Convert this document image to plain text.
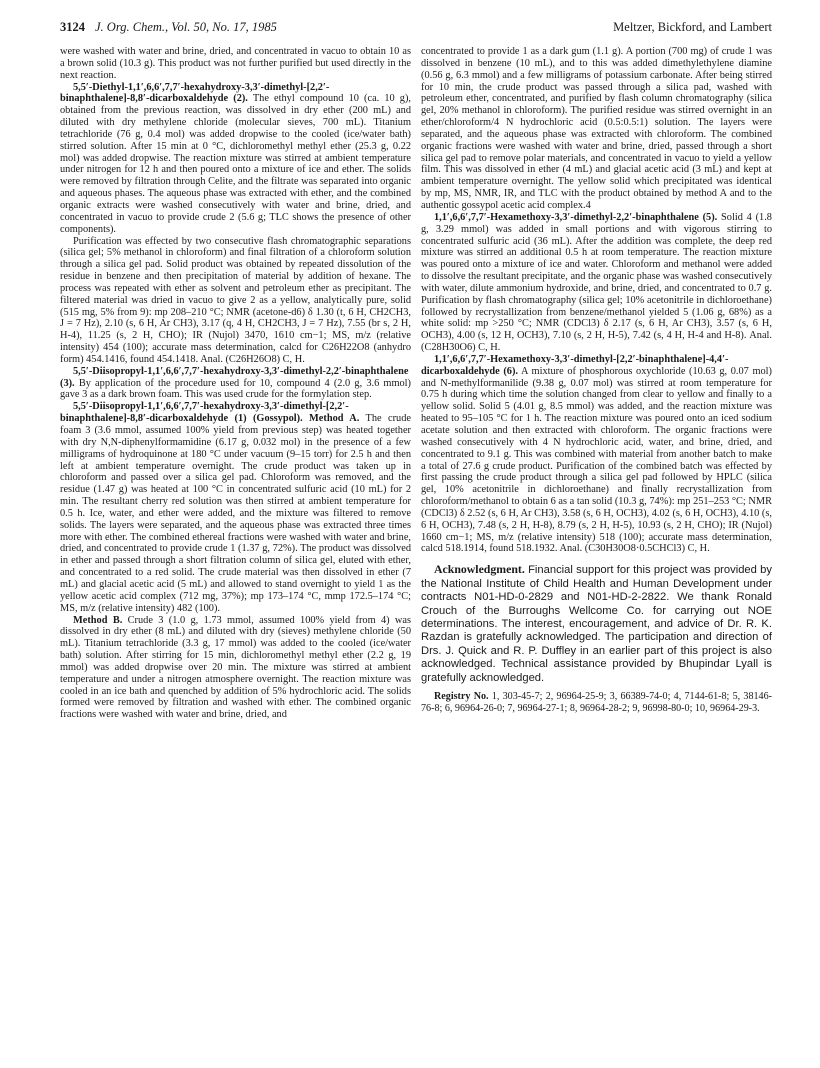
3124 J. Org. Chem., Vol. 50, No. 17, 1985	Meltzer, Bickford, and Lambert

were washed with water and brine, dried, and concentrated in vacuo to obtain 10 as a brown solid (10.3 g). This product was not further purified but used directly in the next reaction.

5,5′-Diethyl-1,1′,6,6′,7,7′-hexahydroxy-3,3′-dimethyl-[2,2′-binaphthalene]-8,8′-dicarboxaldehyde (2). The ethyl compound 10 (ca. 10 g), obtained from the previous reaction, was dissolved in dry ether (200 mL) and diluted with dry methylene chloride (molecular sieves, 700 mL). Titanium tetrachloride (76 g, 0.4 mol) was added dropwise to the cooled (ice/water bath) stirred solution. After 15 min at 0 °C, dichloromethyl methyl ether (25.3 g, 0.22 mol) was added dropwise. The reaction mixture was stirred at ambient temperature under nitrogen for 12 h and then poured onto a mixture of ice and ether. The solids were removed by filtration through Celite, and the filtrate was separated into organic and aqueous phases. The aqueous phase was extracted with ether, and the combined organic extracts were washed consecutively with water and brine, dried, and concentrated in vacuo to provide crude 2 (5.6 g; TLC shows the presence of other components).

Purification was effected by two consecutive flash chromatographic separations (silica gel; 5% methanol in chloroform) and final filtration of a chloroform solution through a silica gel pad. Solid product was obtained by repeated dissolution of the residue in benzene and then precipitation of material by addition of hexane. The process was repeated with ether as solvent and petroleum ether as precipitant. The filtered material was dried in vacuo to give 2 as a yellow, analytically pure, solid (515 mg, 5% from 9): mp 208–210 °C; NMR (acetone-d6) δ 1.30 (t, 6 H, CH2CH3, J = 7 Hz), 2.10 (s, 6 H, Ar CH3), 3.17 (q, 4 H, CH2CH3, J = 7 Hz), 7.55 (br s, 2 H, H-4), 11.25 (s, 2 H, CHO); IR (Nujol) 3470, 1610 cm−1; MS, m/z (relative intensity) 454 (100); accurate mass determination, calcd for C26H22O8 (anhydro form) 454.1416, found 454.1418. Anal. (C26H26O8) C, H.

5,5′-Diisopropyl-1,1′,6,6′,7,7′-hexahydroxy-3,3′-dimethyl-2,2′-binaphthalene (3). By application of the procedure used for 10, compound 4 (2.0 g, 3.6 mmol) gave 3 as a dark brown foam. This was used crude for the formylation step.

5,5′-Diisopropyl-1,1′,6,6′,7,7′-hexahydroxy-3,3′-dimethyl-[2,2′-binaphthalene]-8,8′-dicarboxaldehyde (1) (Gossypol). Method A. The crude foam 3 (3.6 mmol, assumed 100% yield from previous step) was heated together with dry N,N-diphenylformamidine (6.17 g, 0.032 mol) in the presence of a few milligrams of hydroquinone at 180 °C under vacuum (9–15 torr) for 2.5 h and then left at ambient temperature overnight. The crude product was taken up in chloroform and passed over a silica gel pad. Chloroform was removed, and the residue (1.47 g) was heated at 100 °C in concentrated sulfuric acid (10 mL) for 2 min. The resultant cherry red solution was then stirred at ambient temperature for 0.5 h. Ice, water, and ether were added, and the mixture was filtered to remove solids. The layers were separated, and the aqueous phase was extracted three times more with ether. The combined ethereal fractions were washed with water and brine, dried, and concentrated to provide crude 1 (1.37 g, 72%). The product was dissolved in ether and passed through a short filtration column of silica gel, eluted with ether, and concentrated to a red solid. The crude material was then dissolved in ether (7 mL) and glacial acetic acid (5 mL) and allowed to stand overnight to yield 1 as the yellow acetic acid complex (712 mg, 37%); mp 173–174 °C, mmp 172.5–174 °C; MS, m/z (relative intensity) 482 (100).

Method B. Crude 3 (1.0 g, 1.73 mmol, assumed 100% yield from 4) was dissolved in dry ether (8 mL) and diluted with dry (sieves) methylene chloride (50 mL). Titanium tetrachloride (3.3 g, 17 mmol) was added to the cooled (ice/water bath) solution. After stirring for 15 min, dichloromethyl methyl ether (2.2 g, 19 mmol) was added dropwise over 20 min. The mixture was stirred at ambient temperature and under a nitrogen atmosphere overnight. The reaction mixture was cooled in an ice bath and quenched by addition of 5% hydrochloric acid. The solids formed were removed by filtration and washed with ether. The combined organic fractions were washed with water and brine, dried, and

concentrated to provide 1 as a dark gum (1.1 g). A portion (700 mg) of crude 1 was dissolved in benzene (10 mL), and to this was added dimethylethylene diamine (0.56 g, 6.3 mmol) and a few milligrams of potassium carbonate. After being stirred for 10 min, the crude product was passed through a silica pad, washed with petroleum ether, concentrated, and purified by flash column chromatography (silica gel, 20% methanol in chloroform). The purified residue was stirred overnight in an ether/chloroform/4 N hydrochloric acid (0.5:0.5:1) solution. The layers were separated, and the aqueous phase was extracted with chloroform. The combined organic fractions were washed with water and brine, dried, passed through a short silica gel pad to remove polar materials, and concentrated in vacuo to yield a yellow film. This was dissolved in ether (4 mL) and glacial acetic acid (3 mL) and kept at ambient temperature overnight. The yellow solid which precipitated was identical by mp, MS, NMR, IR, and TLC with the product obtained by method A and to the authentic gossypol acetic acid complex.4

1,1′,6,6′,7,7′-Hexamethoxy-3,3′-dimethyl-2,2′-binaphthalene (5). Solid 4 (1.8 g, 3.29 mmol) was added in small portions and with vigorous stirring to concentrated sulfuric acid (36 mL). After the addition was complete, the deep red mixture was stirred an additional 0.5 h at room temperature. The reaction mixture was poured onto a mixture of ice and water. Chloroform and methanol were added to dissolve the resultant precipitate, and the organic phase was washed consecutively with water, dilute ammonium hydroxide, and brine, dried, and concentrated to 0.7 g. Purification by flash chromatography (silica gel; 10% acetonitrile in dichloroethane) followed by recrystallization from benzene/methanol yielded 5 (1.06 g, 68%) as a white solid: mp >250 °C; NMR (CDCl3) δ 2.17 (s, 6 H, Ar CH3), 3.57 (s, 6 H, OCH3), 4.00 (s, 12 H, OCH3), 7.10 (s, 2 H, H-5), 7.42 (s, 4 H, H-4 and H-8). Anal. (C28H30O6) C, H.

1,1′,6,6′,7,7′-Hexamethoxy-3,3′-dimethyl-[2,2′-binaphthalene]-4,4′-dicarboxaldehyde (6). A mixture of phosphorous oxychloride (10.63 g, 0.07 mol) and N-methylformanilide (9.38 g, 0.07 mol) was stirred at room temperature for 0.75 h during which time the solution changed from clear to yellow and finally to a yellow solid. Solid 5 (4.01 g, 8.5 mmol) was added, and the reaction mixture was heated to 95–105 °C for 1 h. The reaction mixture was poured onto an iced sodium acetate solution and then extracted with chloroform. The organic fractions were washed consecutively with 4 N hydrochloric acid, water, and brine, dried, and concentrated to 9.1 g. This was combined with material from another batch to make a total of 27.6 g crude product. Purification of the combined batch was effected by first passing the crude product through a silica gel pad followed by HPLC (silica gel, 10% acetonitrile in dichloroethane) and finally recrystallization from chloroform/methanol to obtain 6 as a tan solid (10.3 g, 74%): mp 251–253 °C; NMR (CDCl3) δ 2.52 (s, 6 H, Ar CH3), 3.58 (s, 6 H, OCH3), 4.02 (s, 6 H, OCH3), 4.10 (s, 6 H, OCH3), 7.48 (s, 2 H, H-8), 8.79 (s, 2 H, H-5), 10.93 (s, 2 H, CHO); IR (Nujol) 1660 cm−1; MS, m/z (relative intensity) 518 (100); accurate mass determination, calcd 518.1914, found 518.1932. Anal. (C30H30O8·0.5CHCl3) C, H.

Acknowledgment. Financial support for this project was provided by the National Institute of Child Health and Human Development under contracts N01-HD-0-2829 and N01-HD-2-2822. We thank Ronald Crouch of the Burroughs Wellcome Co. for carrying out NOE determinations. The interest, encouragement, and advice of Dr. R. K. Razdan is gratefully acknowledged. The participation and direction of Drs. J. Quick and R. P. Duffley in an earlier part of this project is also acknowledged. Technical assistance provided by Bhupindar Lyall is gratefully acknowledged.

Registry No. 1, 303-45-7; 2, 96964-25-9; 3, 66389-74-0; 4, 7144-61-8; 5, 38146-76-8; 6, 96964-26-0; 7, 96964-27-1; 8, 96964-28-2; 9, 96998-80-0; 10, 96964-29-3.
